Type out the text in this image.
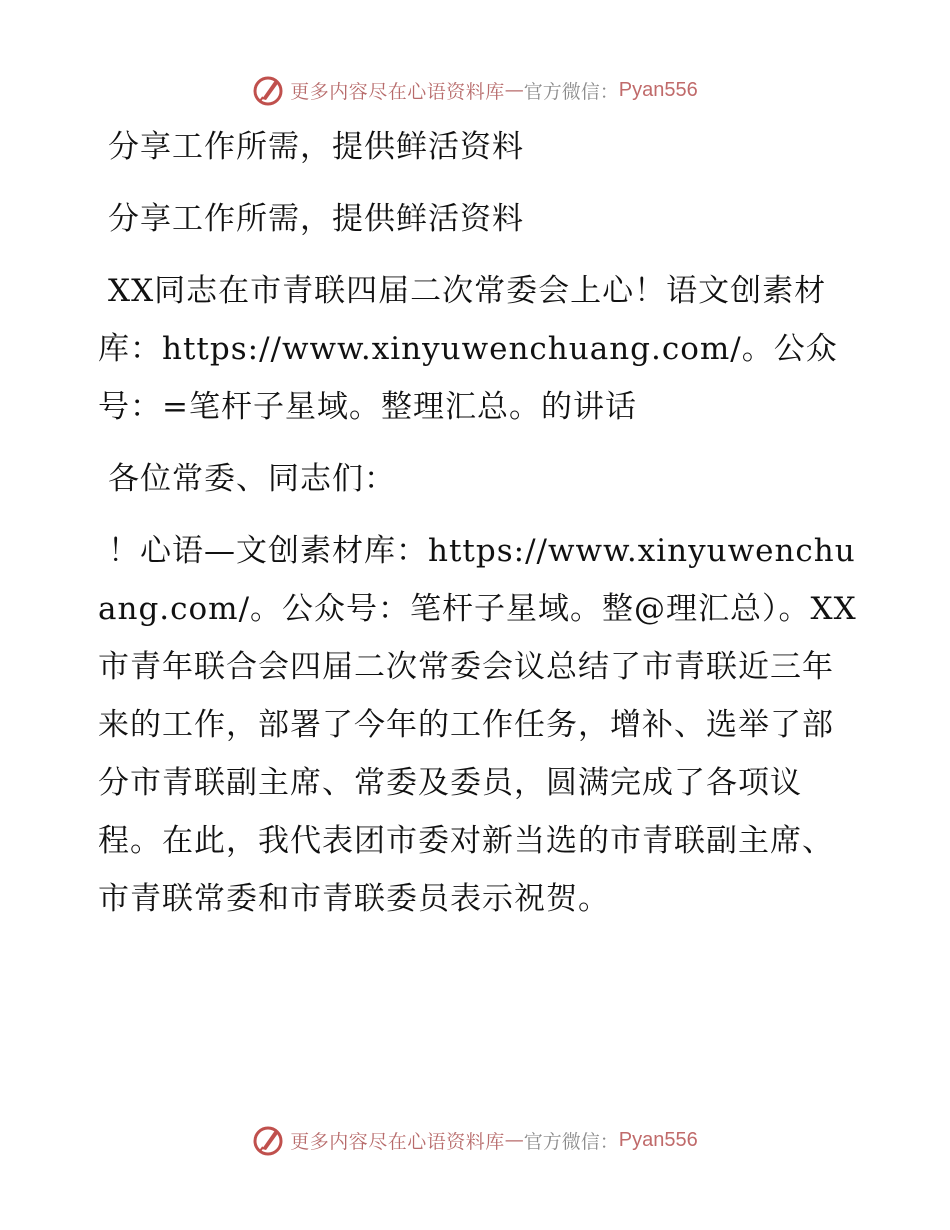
更多内容尽在心语资料库 — 官方微信： Pyan556

分享工作所需，提供鲜活资料

分享工作所需，提供鲜活资料

XX同志在市青联四届二次常委会上心！语文创素材库：https://www.xinyuwenchuang.com/。公众号：=笔杆子星域。整理汇总。的讲话

各位常委、同志们：

！心语—文创素材库：https://www.xinyuwenchuang.com/。公众号：笔杆子星域。整@理汇总）。XX市青年联合会四届二次常委会议总结了市青联近三年来的工作，部署了今年的工作任务，增补、选举了部分市青联副主席、常委及委员，圆满完成了各项议程。在此，我代表团市委对新当选的市青联副主席、市青联常委和市青联委员表示祝贺。

更多内容尽在心语资料库 — 官方微信： Pyan556
